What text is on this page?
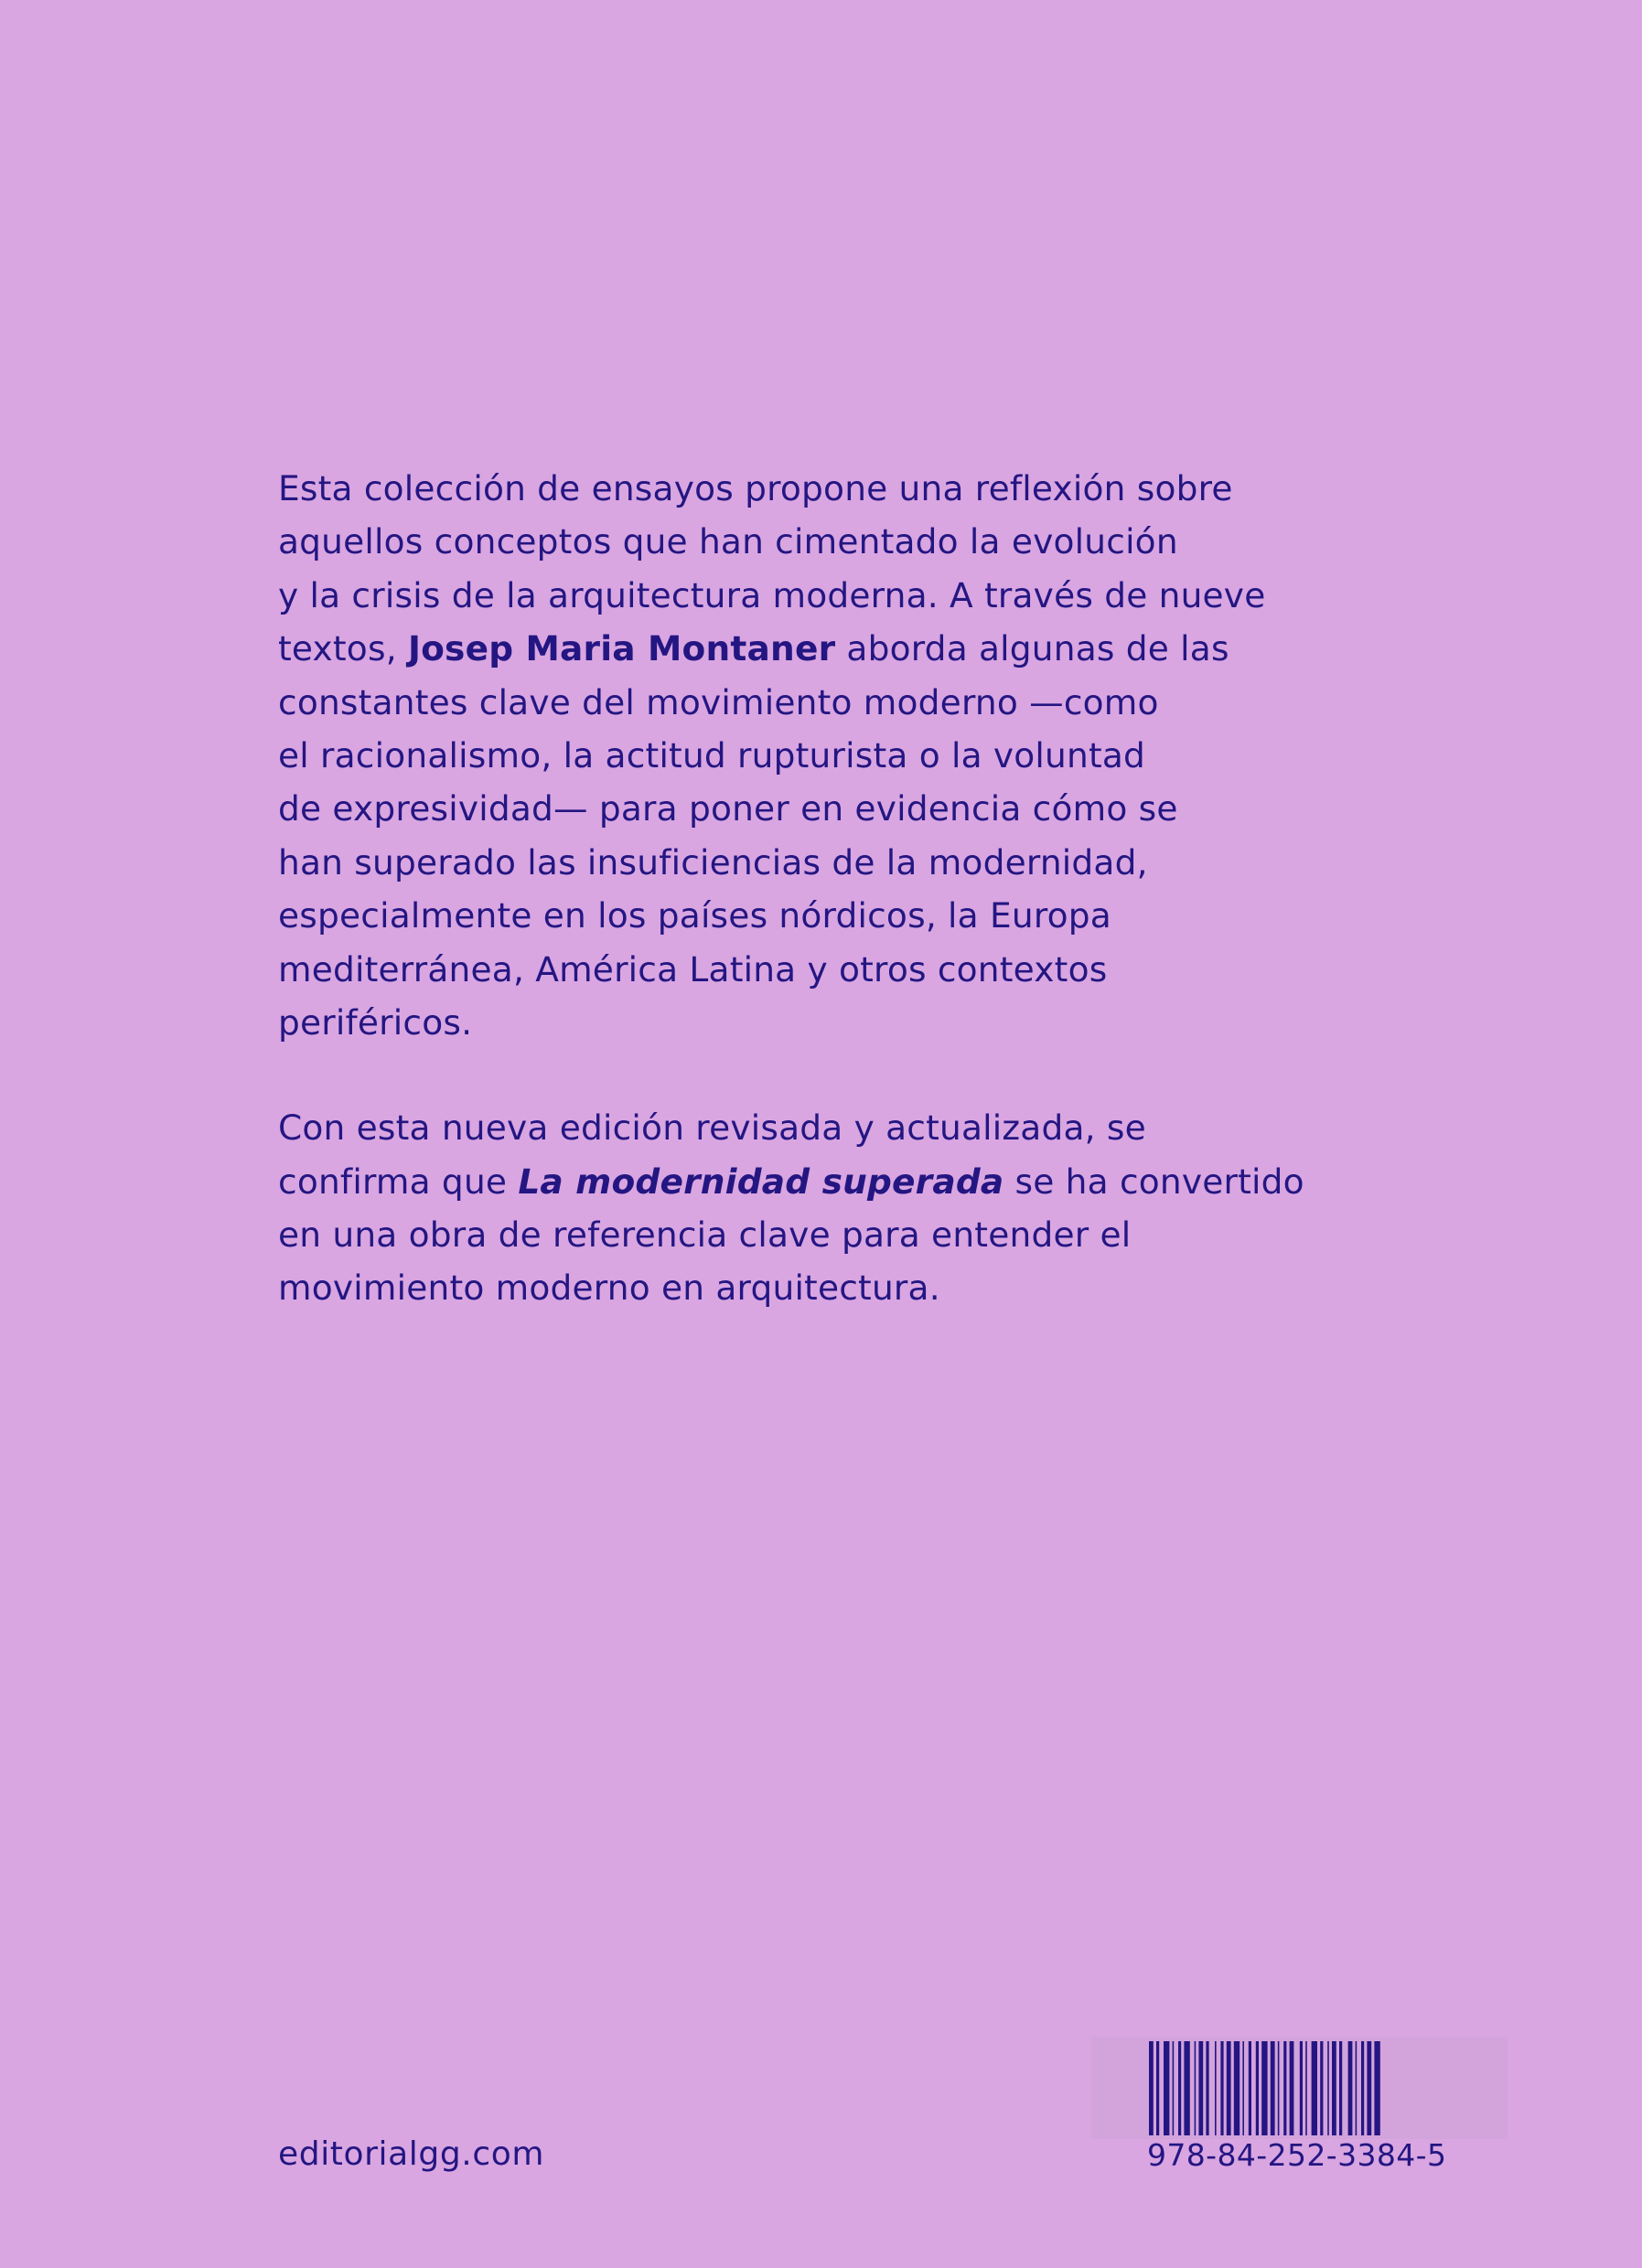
Esta colección de ensayos propone una reflexión sobre
aquellos conceptos que han cimentado la evolución
y la crisis de la arquitectura moderna. A través de nueve
textos, Josep Maria Montaner aborda algunas de las
constantes clave del movimiento moderno —como
el racionalismo, la actitud rupturista o la voluntad
de expresividad— para poner en evidencia cómo se
han superado las insuficiencias de la modernidad,
especialmente en los países nórdicos, la Europa
mediterránea, América Latina y otros contextos
periféricos.
Con esta nueva edición revisada y actualizada, se
confirma que La modernidad superada se ha convertido
en una obra de referencia clave para entender el
movimiento moderno en arquitectura.
editorialgg.com	978-84-252-3384-5
